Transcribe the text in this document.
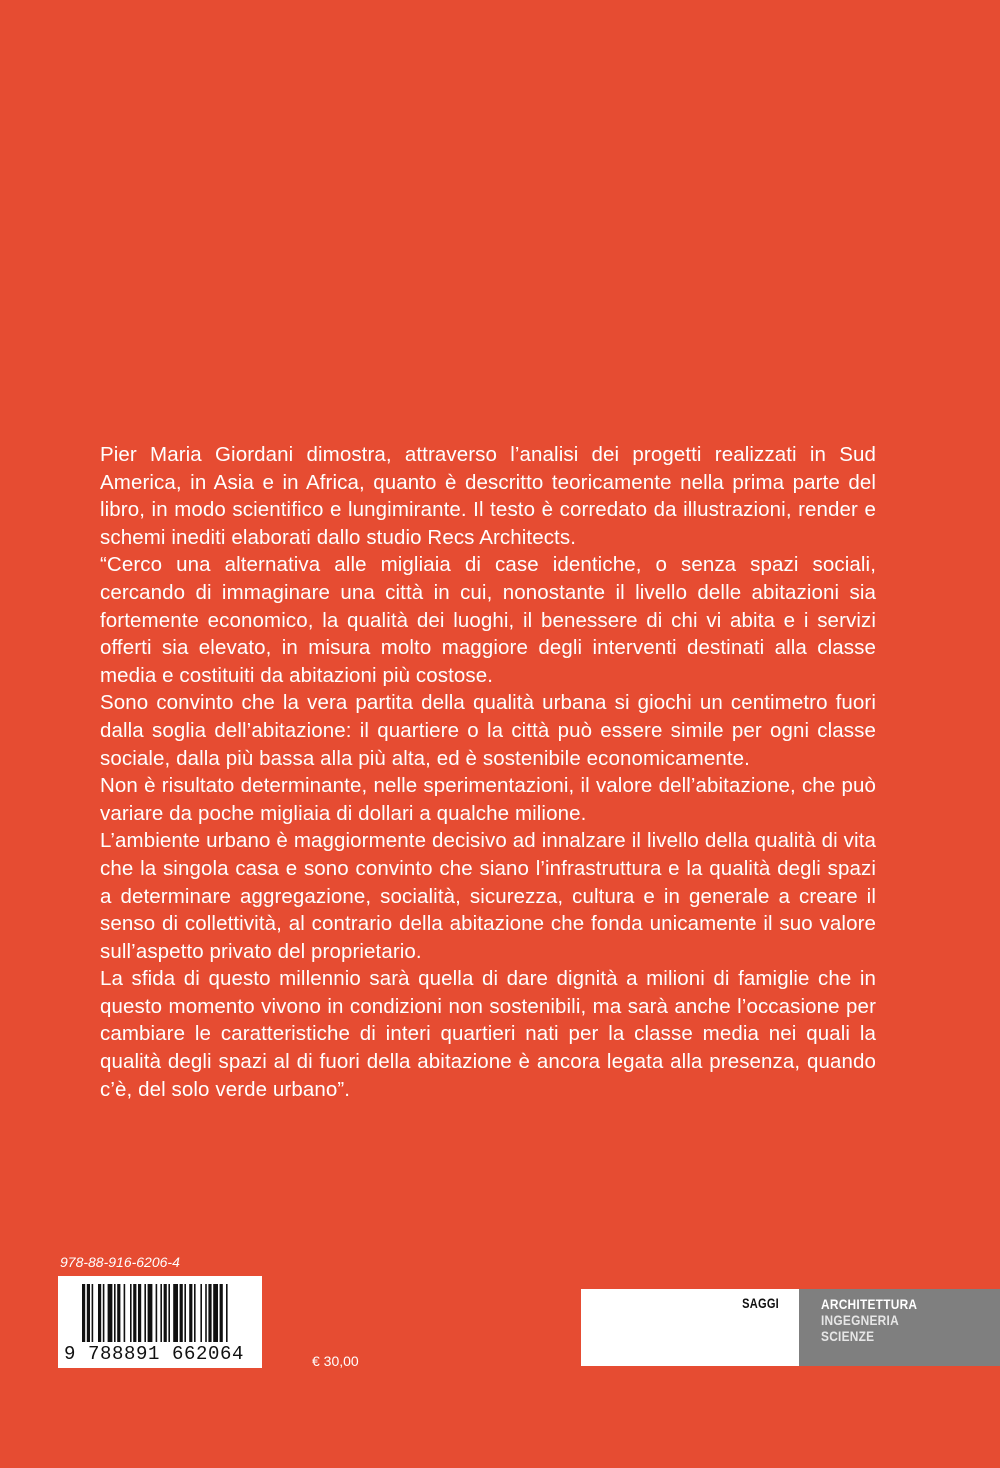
Pier Maria Giordani dimostra, attraverso l’analisi dei progetti realizzati in Sud America, in Asia e in Africa, quanto è descritto teoricamente nella prima parte del libro, in modo scientifico e lungimirante. Il testo è corredato da illustrazioni, render e schemi inediti elaborati dallo studio Recs Architects.

“Cerco una alternativa alle migliaia di case identiche, o senza spazi sociali, cercando di immaginare una città in cui, nonostante il livello delle abitazioni sia fortemente economico, la qualità dei luoghi, il benessere di chi vi abita e i servizi offerti sia elevato, in misura molto maggiore degli interventi destinati alla classe media e costituiti da abitazioni più costose.

Sono convinto che la vera partita della qualità urbana si giochi un centimetro fuori dalla soglia dell’abitazione: il quartiere o la città può essere simile per ogni classe sociale, dalla più bassa alla più alta, ed è sostenibile economicamente.

Non è risultato determinante, nelle sperimentazioni, il valore dell’abitazione, che può variare da poche migliaia di dollari a qualche milione.

L’ambiente urbano è maggiormente decisivo ad innalzare il livello della qualità di vita che la singola casa e sono convinto che siano l’infrastruttura e la qualità degli spazi a determinare aggregazione, socialità, sicurezza, cultura e in generale a creare il senso di collettività, al contrario della abitazione che fonda unicamente il suo valore sull’aspetto privato del proprietario.

La sfida di questo millennio sarà quella di dare dignità a milioni di famiglie che in questo momento vivono in condizioni non sostenibili, ma sarà anche l’occasione per cambiare le caratteristiche di interi quartieri nati per la classe media nei quali la qualità degli spazi al di fuori della abitazione è ancora legata alla presenza, quando c’è, del solo verde urbano”.

978-88-916-6206-4
9 788891 662064	€ 30,00
SAGGI	ARCHITETTURA
INGEGNERIA
SCIENZE
